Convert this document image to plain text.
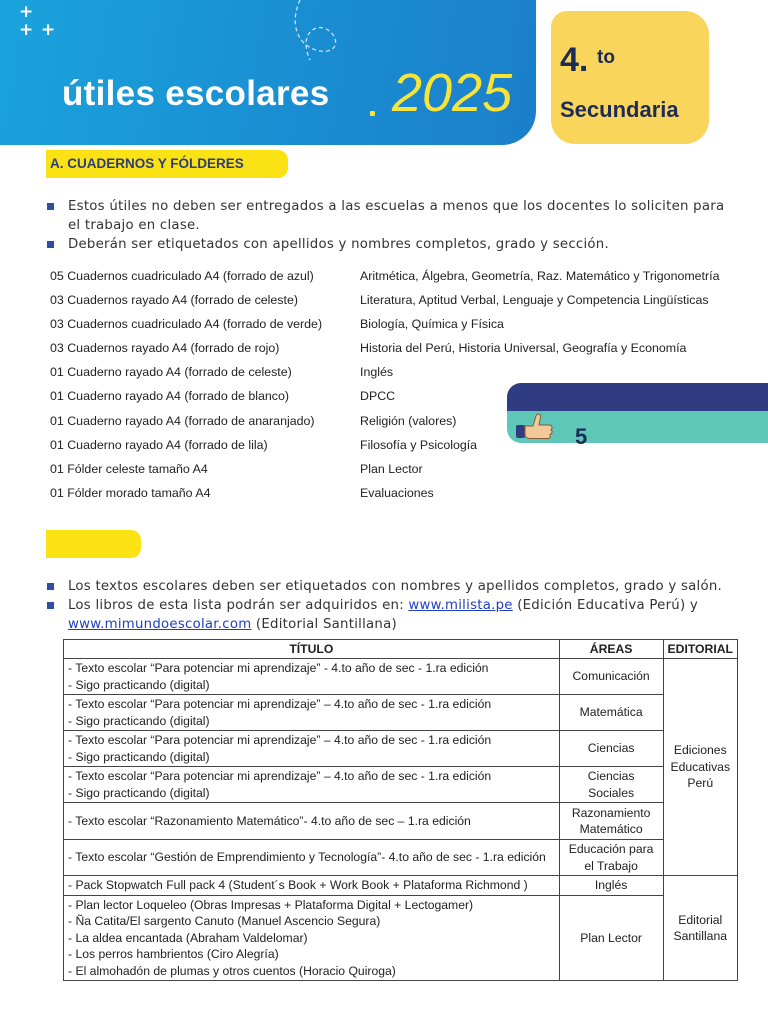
+
+ +
útiles escolares 2025
4. to
Secundaria
A. CUADERNOS Y FÓLDERES

Estos útiles no deben ser entregados a las escuelas a menos que los docentes lo soliciten para el trabajo en clase.

Deberán ser etiquetados con apellidos y nombres completos, grado y sección.

05 Cuadernos cuadriculado A4 (forrado de azul)	Aritmética, Álgebra, Geometría, Raz. Matemático y Trigonometría
03 Cuadernos rayado A4 (forrado de celeste)	Literatura, Aptitud Verbal, Lenguaje y Competencia Lingüísticas
03 Cuadernos cuadriculado A4 (forrado de verde)	Biología, Química y Física
03 Cuadernos rayado A4 (forrado de rojo)	Historia del Perú, Historia Universal, Geografía y Economía
01 Cuaderno rayado A4 (forrado de celeste)	Inglés
01 Cuaderno rayado A4 (forrado de blanco)	DPCC
01 Cuaderno rayado A4 (forrado de anaranjado)	Religión (valores)
01 Cuaderno rayado A4 (forrado de lila)	Filosofía y Psicología
01 Fólder celeste tamaño A4	Plan Lector
01 Fólder morado tamaño A4	Evaluaciones
5

Los textos escolares deben ser etiquetados con nombres y apellidos completos, grado y salón.

Los libros de esta lista podrán ser adquiridos en: www.milista.pe (Edición Educativa Perú) y
www.mimundoescolar.com (Editorial Santillana)

TÍTULO	ÁREAS	EDITORIAL

- Texto escolar “Para potenciar mi aprendizaje” - 4.to año de sec - 1.ra edición
- Sigo practicando (digital)	Comunicación	Ediciones Educativas Perú

- Texto escolar “Para potenciar mi aprendizaje” – 4.to año de sec - 1.ra edición
- Sigo practicando (digital)	Matemática	

- Texto escolar “Para potenciar mi aprendizaje” – 4.to año de sec - 1.ra edición
- Sigo practicando (digital)	Ciencias	

- Texto escolar “Para potenciar mi aprendizaje” – 4.to año de sec - 1.ra edición
- Sigo practicando (digital)	Ciencias Sociales	

- Texto escolar “Razonamiento Matemático”- 4.to año de sec – 1.ra edición	Razonamiento Matemático	

- Texto escolar “Gestión de Emprendimiento y Tecnología”- 4.to año de sec - 1.ra edición	Educación para el Trabajo	

- Pack Stopwatch Full pack 4 (Student´s Book + Work Book + Plataforma Richmond )	Inglés	Editorial Santillana

- Plan lector Loqueleo (Obras Impresas + Plataforma Digital + Lectogamer)
- Ña Catita/El sargento Canuto (Manuel Ascencio Segura)
- La aldea encantada (Abraham Valdelomar)
- Los perros hambrientos (Ciro Alegría)
- El almohadón de plumas y otros cuentos (Horacio Quiroga)	Plan Lector	
